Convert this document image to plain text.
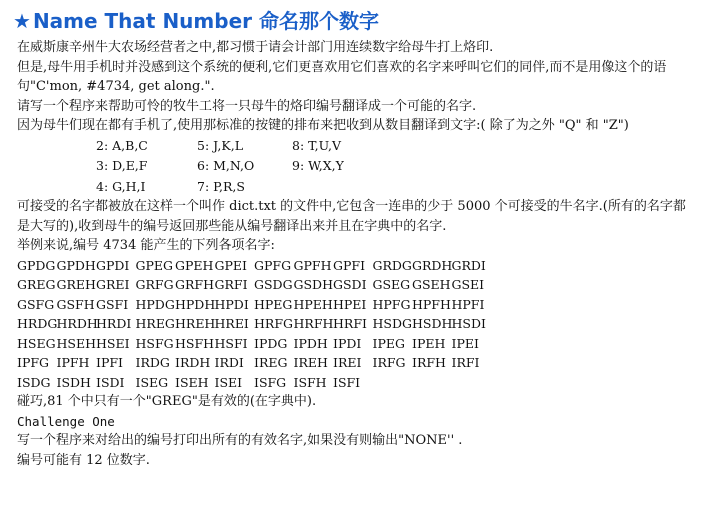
★ Name That Number 命名那个数字

在威斯康辛州牛大农场经营者之中,都习惯于请会计部门用连续数字给母牛打上烙印.

但是,母牛用手机时并没感到这个系统的便利,它们更喜欢用它们喜欢的名字来呼叫它们的同伴,而不是用像这个的语句"C'mon, #4734, get along.".

请写一个程序来帮助可怜的牧牛工将一只母牛的烙印编号翻译成一个可能的名字.

因为母牛们现在都有手机了,使用那标准的按键的排布来把收到从数目翻译到文字:( 除了为之外 "Q" 和 "Z")

2: A,B,C	5: J,K,L	8: T,U,V
3: D,E,F	6: M,N,O	9: W,X,Y
4: G,H,I	7: P,R,S

可接受的名字都被放在这样一个叫作 dict.txt 的文件中,它包含一连串的少于 5000 个可接受的牛名字.(所有的名字都是大写的),收到母牛的编号返回那些能从编号翻译出来并且在字典中的名字.

举例来说,编号 4734 能产生的下列各项名字:

GPDGGPDHGPDI GPEG GPEHGPEI GPFG GPFH GPFI GRDGGRDHGRDI
GREGGREHGREI GRFGGRFHGRFI GSDGGSDHGSDI GSEG GSEHGSEI
GSFG GSFHGSFI HPDGHPDHHPDI HPEGHPEHHPEI HPFG HPFHHPFI
HRDGHRDHHRDI HREGHREHHREI HRFGHRFHHRFI HSDGHSDHHSDI
HSEGHSEHHSEI HSFGHSFHHSFI IPDG IPDH IPDI IPEG IPEH IPEI
IPFG IPFH IPFI IRDG IRDH IRDI IREG IREH IREI IRFG IRFH IRFI
ISDG ISDH ISDI ISEG ISEH ISEI ISFG ISFH ISFI

碰巧,81 个中只有一个"GREG"是有效的(在字典中).

Challenge One

写一个程序来对给出的编号打印出所有的有效名字,如果没有则输出"NONE'' .

编号可能有 12 位数字.
